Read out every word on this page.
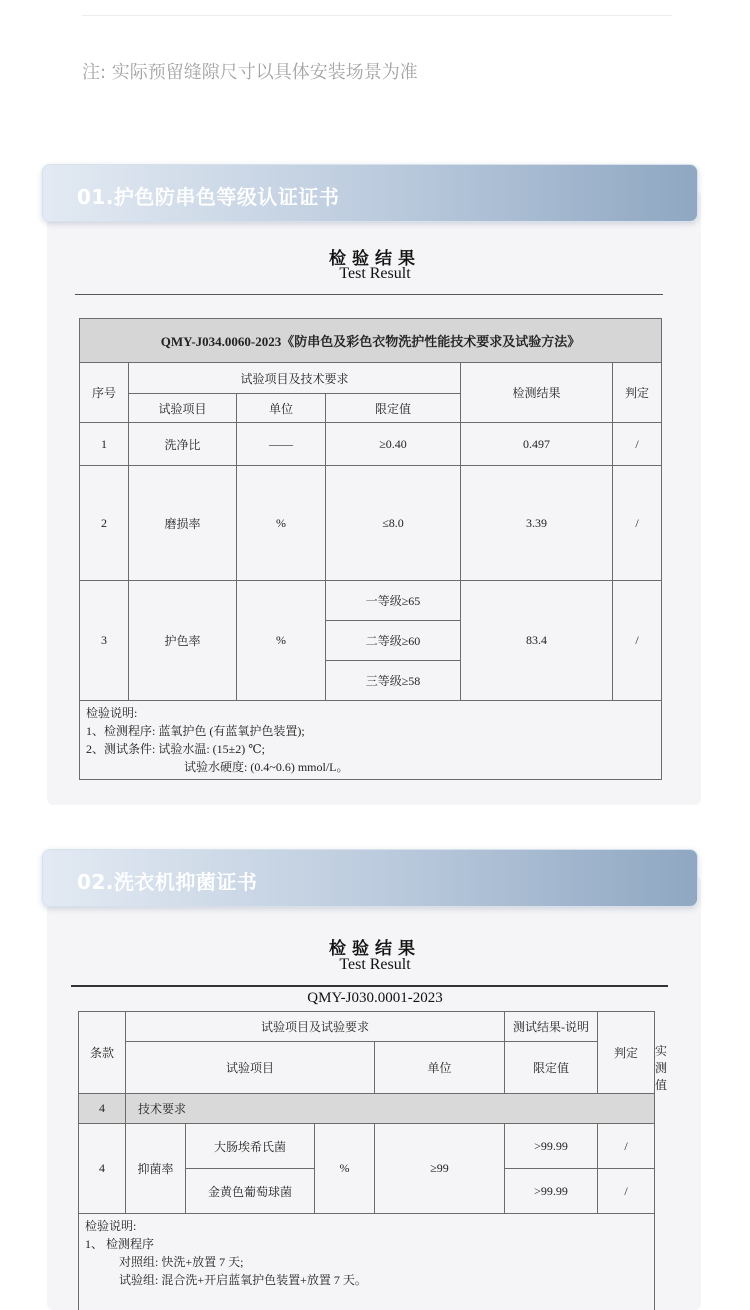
注: 实际预留缝隙尺寸以具体安装场景为准
01.护色防串色等级认证证书
检验结果
Test Result
QMY-J034.0060-2023《防串色及彩色衣物洗护性能技术要求及试验方法》					
序号	试验项目及技术要求			检测结果	判定
	试验项目	单位	限定值		
1	洗净比	——	≥0.40	0.497	/
2	磨损率	%	≤8.0	3.39	/
3	护色率	%	一等级≥65	83.4	/
			二等级≥60		
			三等级≥58		

检验说明:
1、检测程序: 蓝氧护色 (有蓝氧护色装置);
2、测试条件: 试验水温: (15±2) ℃;
试验水硬度: (0.4~0.6) mmol/L。					
02.洗衣机抑菌证书
检验结果
Test Result
QMY-J030.0001-2023
条款	试验项目及试验要求				测试结果-说明	判定	
	试验项目			单位	限定值	
4	技术要求						
4	抑菌率	大肠埃希氏菌	%	≥99	>99.99	/	
		金黄色葡萄球菌			>99.99	/	

检验说明:
1、 检测程序
对照组: 快洗+放置 7 天;
试验组: 混合洗+开启蓝氧护色装置+放置 7 天。							
